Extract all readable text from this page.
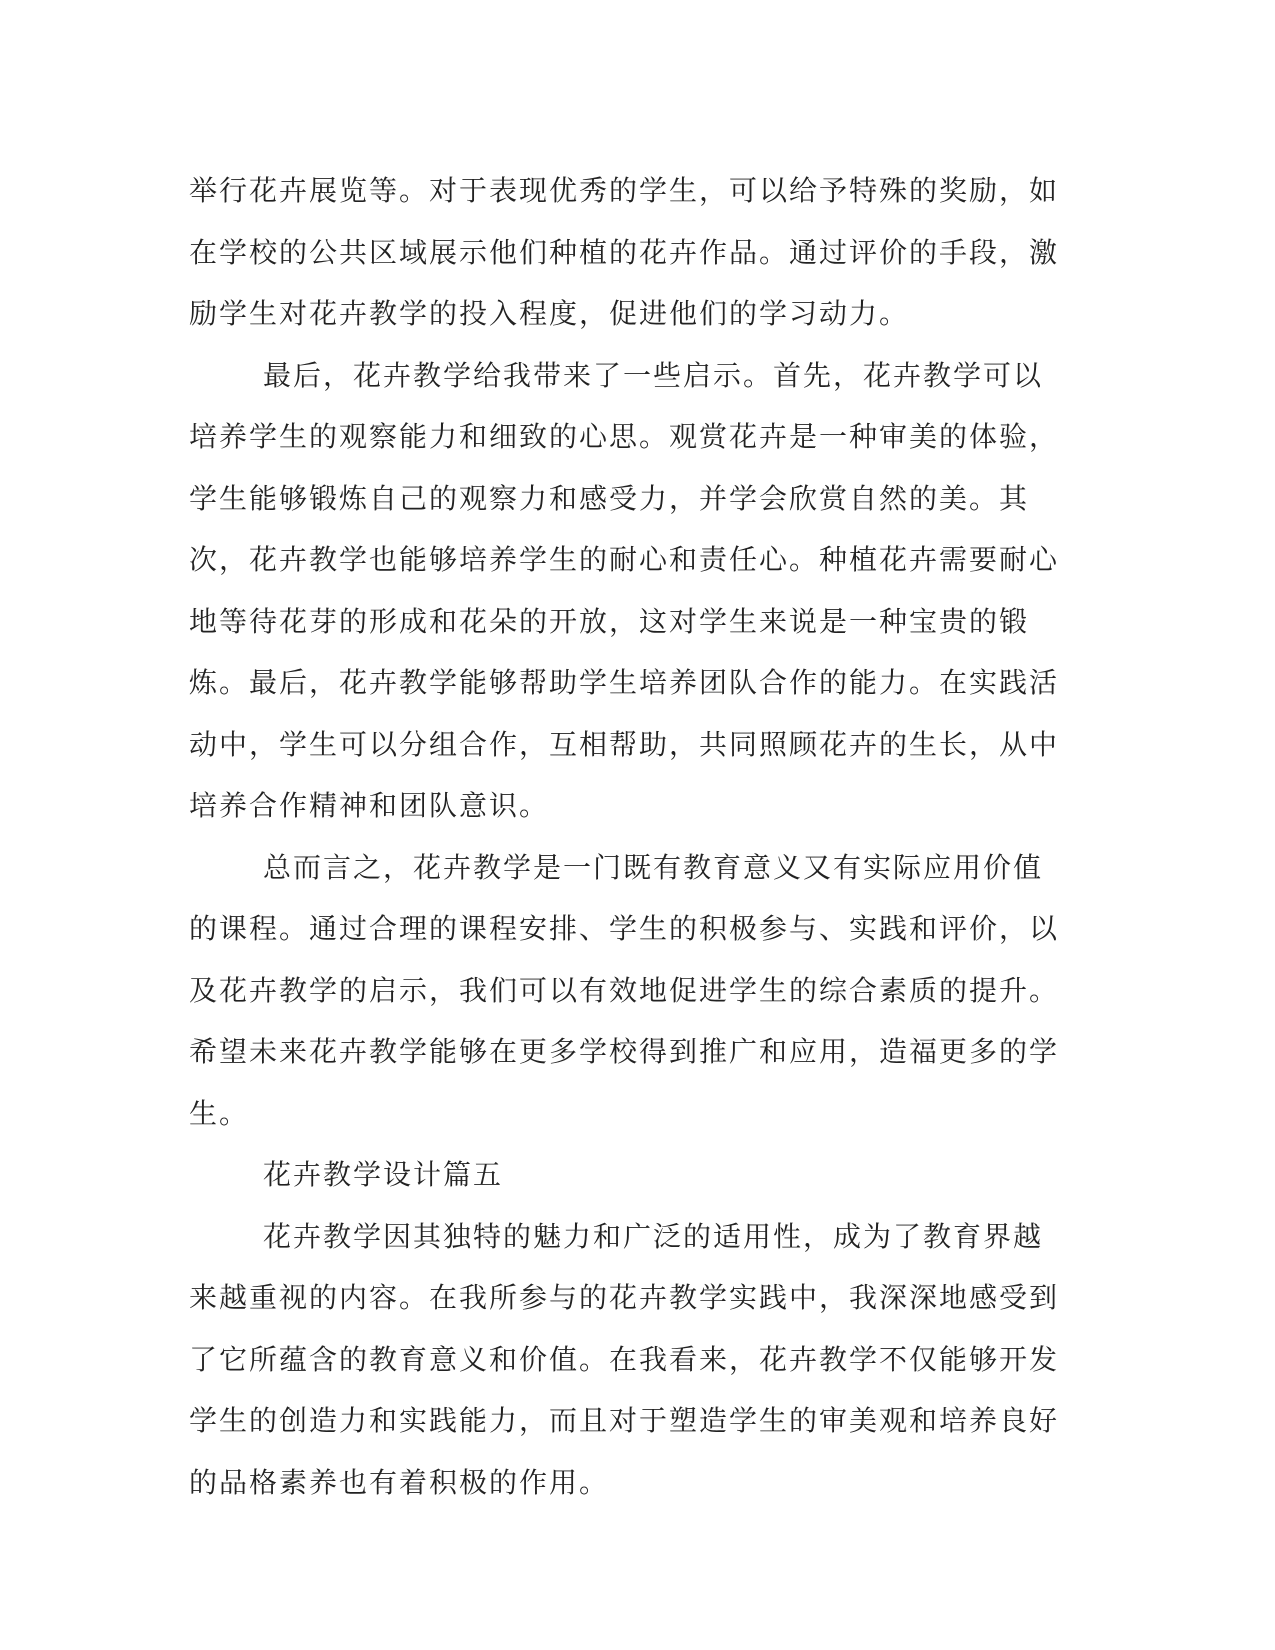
举行花卉展览等。对于表现优秀的学生，可以给予特殊的奖励，如在学校的公共区域展示他们种植的花卉作品。通过评价的手段，激励学生对花卉教学的投入程度，促进他们的学习动力。

最后，花卉教学给我带来了一些启示。首先，花卉教学可以培养学生的观察能力和细致的心思。观赏花卉是一种审美的体验，学生能够锻炼自己的观察力和感受力，并学会欣赏自然的美。其次，花卉教学也能够培养学生的耐心和责任心。种植花卉需要耐心地等待花芽的形成和花朵的开放，这对学生来说是一种宝贵的锻炼。最后，花卉教学能够帮助学生培养团队合作的能力。在实践活动中，学生可以分组合作，互相帮助，共同照顾花卉的生长，从中培养合作精神和团队意识。

总而言之，花卉教学是一门既有教育意义又有实际应用价值的课程。通过合理的课程安排、学生的积极参与、实践和评价，以及花卉教学的启示，我们可以有效地促进学生的综合素质的提升。希望未来花卉教学能够在更多学校得到推广和应用，造福更多的学生。

花卉教学设计篇五

花卉教学因其独特的魅力和广泛的适用性，成为了教育界越来越重视的内容。在我所参与的花卉教学实践中，我深深地感受到了它所蕴含的教育意义和价值。在我看来，花卉教学不仅能够开发学生的创造力和实践能力，而且对于塑造学生的审美观和培养良好的品格素养也有着积极的作用。
